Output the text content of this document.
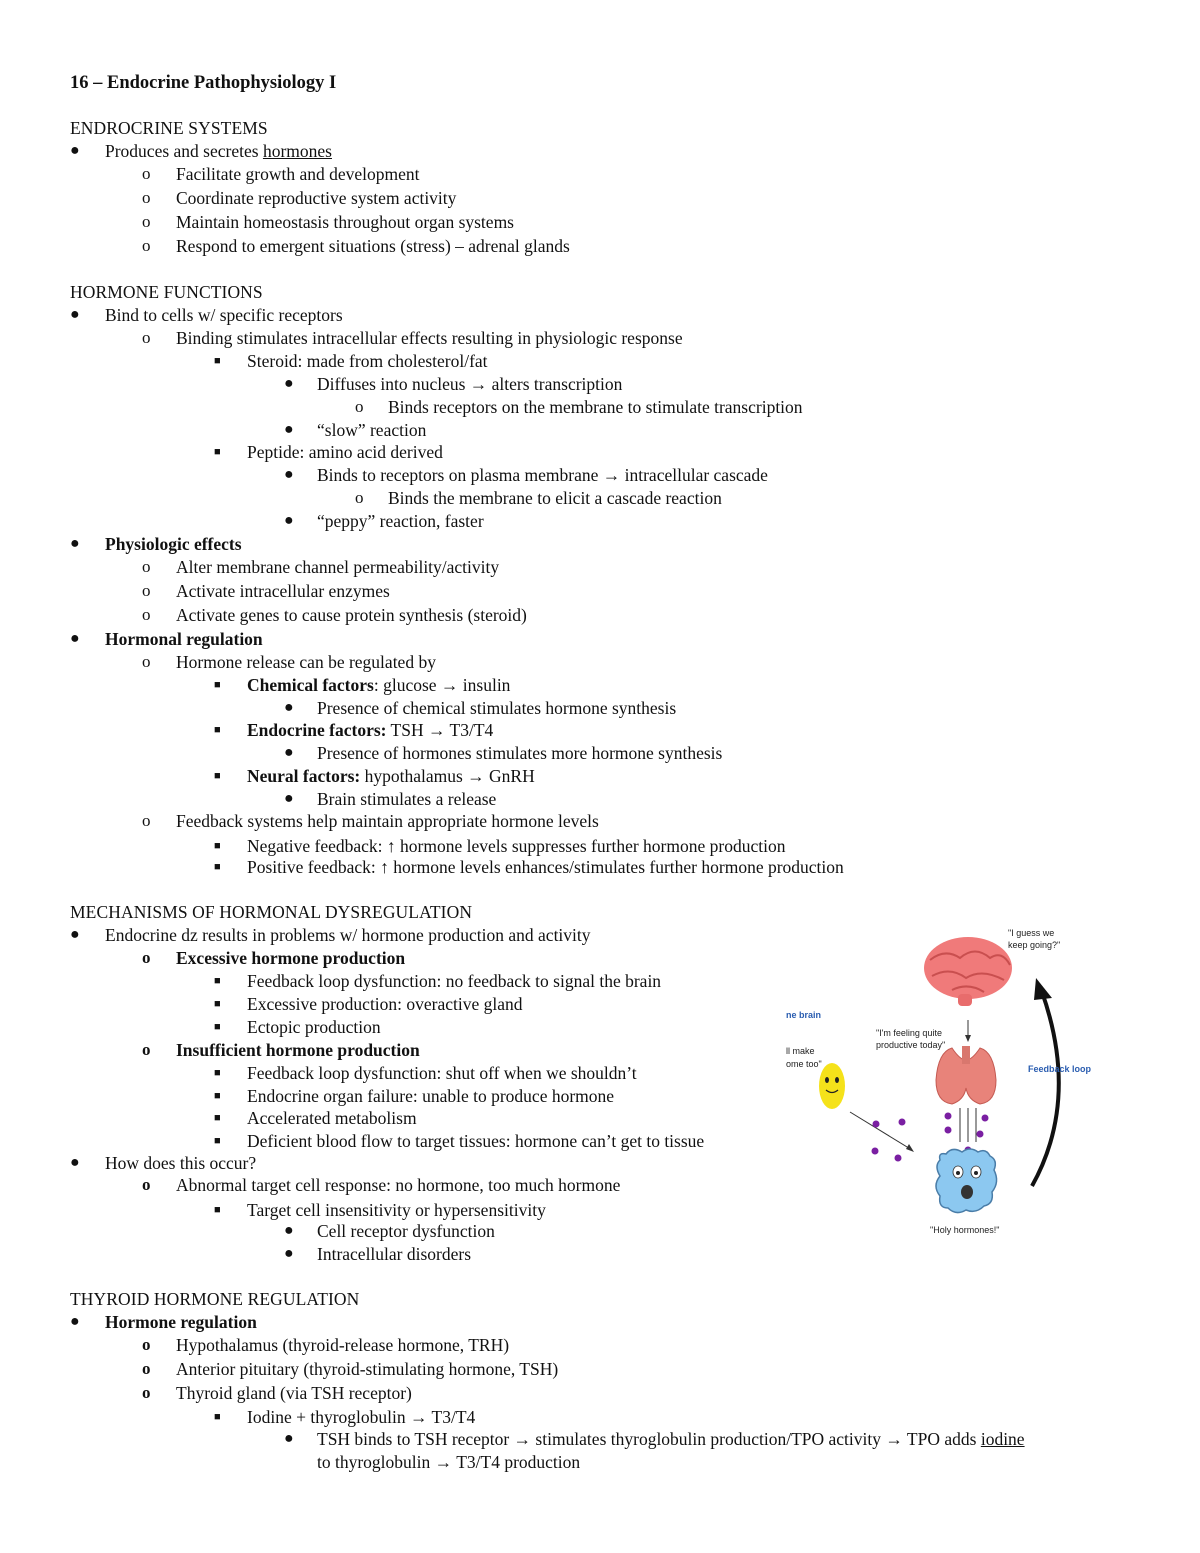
16 – Endocrine Pathophysiology I
ENDROCRINE SYSTEMS
● Produces and secretes hormones
o Facilitate growth and development
o Coordinate reproductive system activity
o Maintain homeostasis throughout organ systems
o Respond to emergent situations (stress) – adrenal glands
HORMONE FUNCTIONS
● Bind to cells w/ specific receptors
o Binding stimulates intracellular effects resulting in physiologic response
■ Steroid: made from cholesterol/fat
● Diffuses into nucleus → alters transcription
o Binds receptors on the membrane to stimulate transcription
● “slow” reaction
■ Peptide: amino acid derived
● Binds to receptors on plasma membrane → intracellular cascade
o Binds the membrane to elicit a cascade reaction
● “peppy” reaction, faster
● Physiologic effects
o Alter membrane channel permeability/activity
o Activate intracellular enzymes
o Activate genes to cause protein synthesis (steroid)
● Hormonal regulation
o Hormone release can be regulated by
■ Chemical factors: glucose → insulin
● Presence of chemical stimulates hormone synthesis
■ Endocrine factors: TSH → T3/T4
● Presence of hormones stimulates more hormone synthesis
■ Neural factors: hypothalamus → GnRH
● Brain stimulates a release
o Feedback systems help maintain appropriate hormone levels
■ Negative feedback: ↑ hormone levels suppresses further hormone production
■ Positive feedback: ↑ hormone levels enhances/stimulates further hormone production
MECHANISMS OF HORMONAL DYSREGULATION
● Endocrine dz results in problems w/ hormone production and activity
o Excessive hormone production
■ Feedback loop dysfunction: no feedback to signal the brain
■ Excessive production: overactive gland
■ Ectopic production
o Insufficient hormone production
■ Feedback loop dysfunction: shut off when we shouldn’t
■ Endocrine organ failure: unable to produce hormone
■ Accelerated metabolism
■ Deficient blood flow to target tissues: hormone can’t get to tissue
● How does this occur?
o Abnormal target cell response: no hormone, too much hormone
■ Target cell insensitivity or hypersensitivity
● Cell receptor dysfunction
● Intracellular disorders
THYROID HORMONE REGULATION
● Hormone regulation
o Hypothalamus (thyroid-release hormone, TRH)
o Anterior pituitary (thyroid-stimulating hormone, TSH)
o Thyroid gland (via TSH receptor)
■ Iodine + thyroglobulin → T3/T4
● TSH binds to TSH receptor → stimulates thyroglobulin production/TPO activity → TPO adds iodine
to thyroglobulin → T3/T4 production
ne brain
ll make
ome too"
"I guess we
keep going?"
"I'm feeling quite
productive today"
"Holy hormones!"
Feedback loop
